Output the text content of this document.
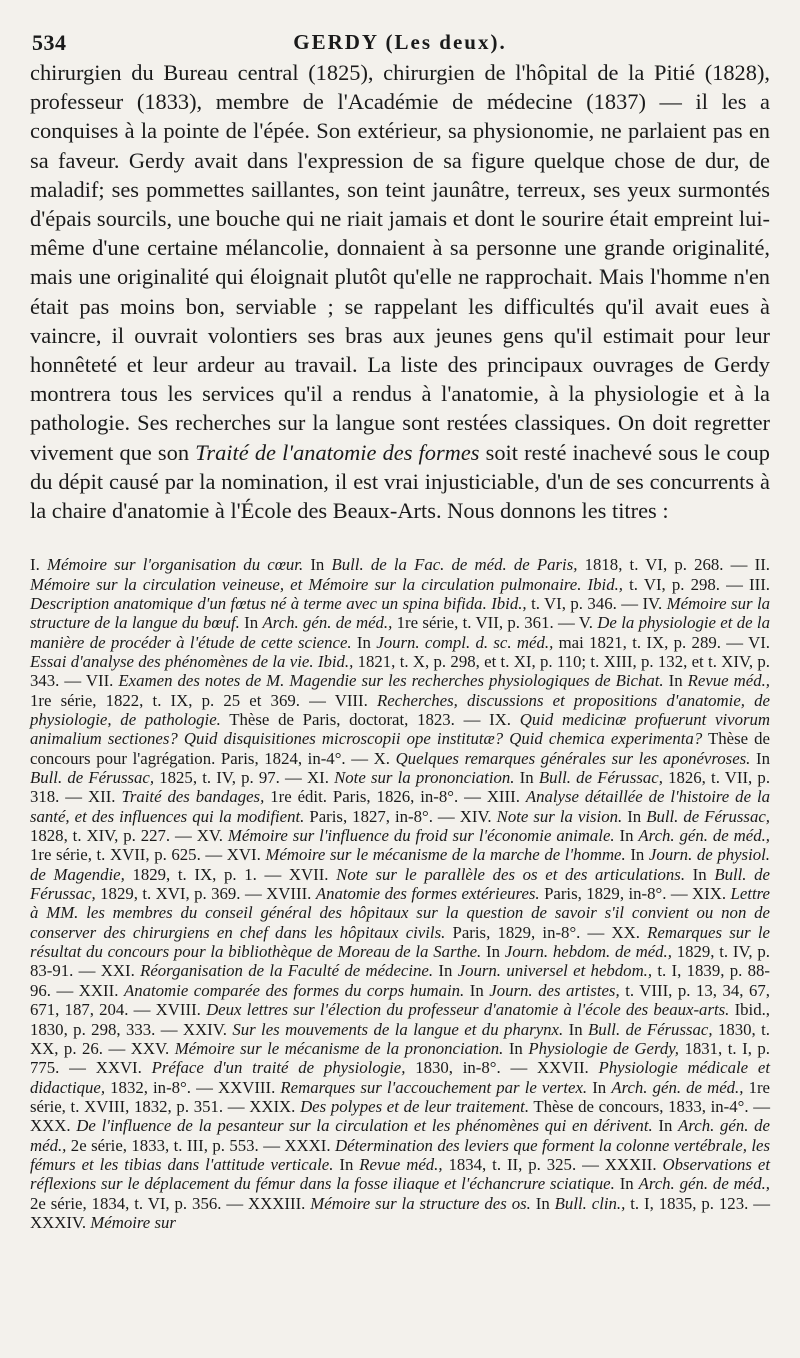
534	GERDY (Les deux).

chirurgien du Bureau central (1825), chirurgien de l'hôpital de la Pitié (1828), professeur (1833), membre de l'Académie de médecine (1837) — il les a conquises à la pointe de l'épée. Son extérieur, sa physionomie, ne parlaient pas en sa faveur. Gerdy avait dans l'expression de sa figure quelque chose de dur, de maladif; ses pommettes saillantes, son teint jaunâtre, terreux, ses yeux surmontés d'épais sourcils, une bouche qui ne riait jamais et dont le sourire était empreint lui-même d'une certaine mélancolie, donnaient à sa personne une grande originalité, mais une originalité qui éloignait plutôt qu'elle ne rapprochait. Mais l'homme n'en était pas moins bon, serviable ; se rappelant les difficultés qu'il avait eues à vaincre, il ouvrait volontiers ses bras aux jeunes gens qu'il estimait pour leur honnêteté et leur ardeur au travail. La liste des principaux ouvrages de Gerdy montrera tous les services qu'il a rendus à l'anatomie, à la physiologie et à la pathologie. Ses recherches sur la langue sont restées classiques. On doit regretter vivement que son Traité de l'anatomie des formes soit resté inachevé sous le coup du dépit causé par la nomination, il est vrai injusticiable, d'un de ses concurrents à la chaire d'anatomie à l'École des Beaux-Arts. Nous donnons les titres :

I. Mémoire sur l'organisation du cœur. In Bull. de la Fac. de méd. de Paris, 1818, t. VI, p. 268. — II. Mémoire sur la circulation veineuse, et Mémoire sur la circulation pulmonaire. Ibid., t. VI, p. 298. — III. Description anatomique d'un fœtus né à terme avec un spina bifida. Ibid., t. VI, p. 346. — IV. Mémoire sur la structure de la langue du bœuf. In Arch. gén. de méd., 1re série, t. VII, p. 361. — V. De la physiologie et de la manière de procéder à l'étude de cette science. In Journ. compl. d. sc. méd., mai 1821, t. IX, p. 289. — VI. Essai d'analyse des phénomènes de la vie. Ibid., 1821, t. X, p. 298, et t. XI, p. 110; t. XIII, p. 132, et t. XIV, p. 343. — VII. Examen des notes de M. Magendie sur les recherches physiologiques de Bichat. In Revue méd., 1re série, 1822, t. IX, p. 25 et 369. — VIII. Recherches, discussions et propositions d'anatomie, de physiologie, de pathologie. Thèse de Paris, doctorat, 1823. — IX. Quid medicinæ profuerunt vivorum animalium sectiones? Quid disquisitiones microscopii ope institutæ? Quid chemica experimenta? Thèse de concours pour l'agrégation. Paris, 1824, in-4°. — X. Quelques remarques générales sur les aponévroses. In Bull. de Férussac, 1825, t. IV, p. 97. — XI. Note sur la prononciation. In Bull. de Férussac, 1826, t. VII, p. 318. — XII. Traité des bandages, 1re édit. Paris, 1826, in-8°. — XIII. Analyse détaillée de l'histoire de la santé, et des influences qui la modifient. Paris, 1827, in-8°. — XIV. Note sur la vision. In Bull. de Férussac, 1828, t. XIV, p. 227. — XV. Mémoire sur l'influence du froid sur l'économie animale. In Arch. gén. de méd., 1re série, t. XVII, p. 625. — XVI. Mémoire sur le mécanisme de la marche de l'homme. In Journ. de physiol. de Magendie, 1829, t. IX, p. 1. — XVII. Note sur le parallèle des os et des articulations. In Bull. de Férussac, 1829, t. XVI, p. 369. — XVIII. Anatomie des formes extérieures. Paris, 1829, in-8°. — XIX. Lettre à MM. les membres du conseil général des hôpitaux sur la question de savoir s'il convient ou non de conserver des chirurgiens en chef dans les hôpitaux civils. Paris, 1829, in-8°. — XX. Remarques sur le résultat du concours pour la bibliothèque de Moreau de la Sarthe. In Journ. hebdom. de méd., 1829, t. IV, p. 83-91. — XXI. Réorganisation de la Faculté de médecine. In Journ. universel et hebdom., t. I, 1839, p. 88-96. — XXII. Anatomie comparée des formes du corps humain. In Journ. des artistes, t. VIII, p. 13, 34, 67, 671, 187, 204. — XVIII. Deux lettres sur l'élection du professeur d'anatomie à l'école des beaux-arts. Ibid., 1830, p. 298, 333. — XXIV. Sur les mouvements de la langue et du pharynx. In Bull. de Férussac, 1830, t. XX, p. 26. — XXV. Mémoire sur le mécanisme de la prononciation. In Physiologie de Gerdy, 1831, t. I, p. 775. — XXVI. Préface d'un traité de physiologie, 1830, in-8°. — XXVII. Physiologie médicale et didactique, 1832, in-8°. — XXVIII. Remarques sur l'accouchement par le vertex. In Arch. gén. de méd., 1re série, t. XVIII, 1832, p. 351. — XXIX. Des polypes et de leur traitement. Thèse de concours, 1833, in-4°. — XXX. De l'influence de la pesanteur sur la circulation et les phénomènes qui en dérivent. In Arch. gén. de méd., 2e série, 1833, t. III, p. 553. — XXXI. Détermination des leviers que forment la colonne vertébrale, les fémurs et les tibias dans l'attitude verticale. In Revue méd., 1834, t. II, p. 325. — XXXII. Observations et réflexions sur le déplacement du fémur dans la fosse iliaque et l'échancrure sciatique. In Arch. gén. de méd., 2e série, 1834, t. VI, p. 356. — XXXIII. Mémoire sur la structure des os. In Bull. clin., t. I, 1835, p. 123. — XXXIV. Mémoire sur
